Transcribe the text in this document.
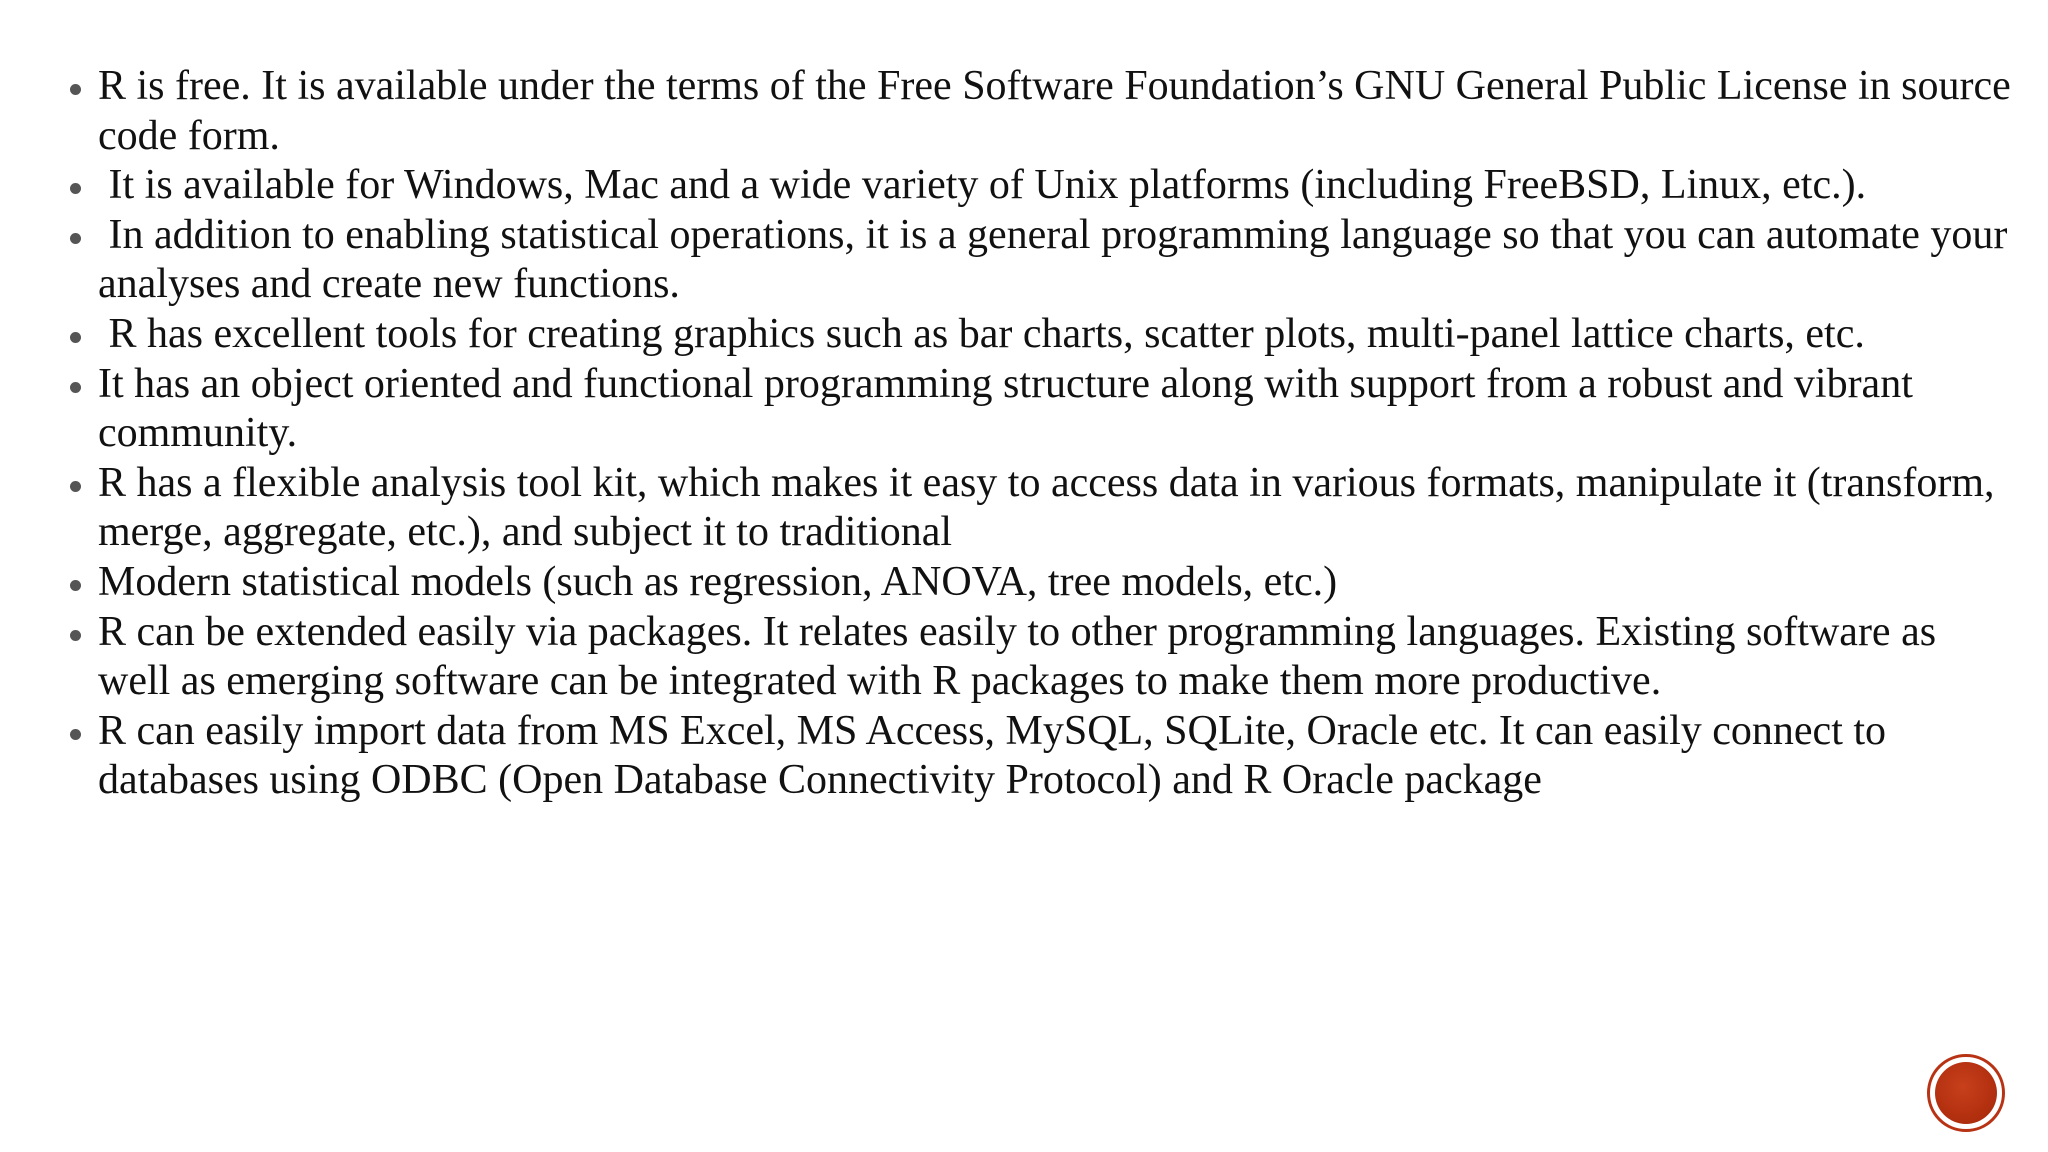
R is free. It is available under the terms of the Free Software Foundation’s GNU General Public License in source code form.
It is available for Windows, Mac and a wide variety of Unix platforms (including FreeBSD, Linux, etc.).
In addition to enabling statistical operations, it is a general programming language so that you can automate your analyses and create new functions.
R has excellent tools for creating graphics such as bar charts, scatter plots, multi-panel lattice charts, etc.
It has an object oriented and functional programming structure along with support from a robust and vibrant community.
R has a flexible analysis tool kit, which makes it easy to access data in various formats, manipulate it (transform, merge, aggregate, etc.), and subject it to traditional
Modern statistical models (such as regression, ANOVA, tree models, etc.)
R can be extended easily via packages. It relates easily to other programming languages. Existing software as well as emerging software can be integrated with R packages to make them more productive.
R can easily import data from MS Excel, MS Access, MySQL, SQLite, Oracle etc. It can easily connect to databases using ODBC (Open Database Connectivity Protocol) and R Oracle package
